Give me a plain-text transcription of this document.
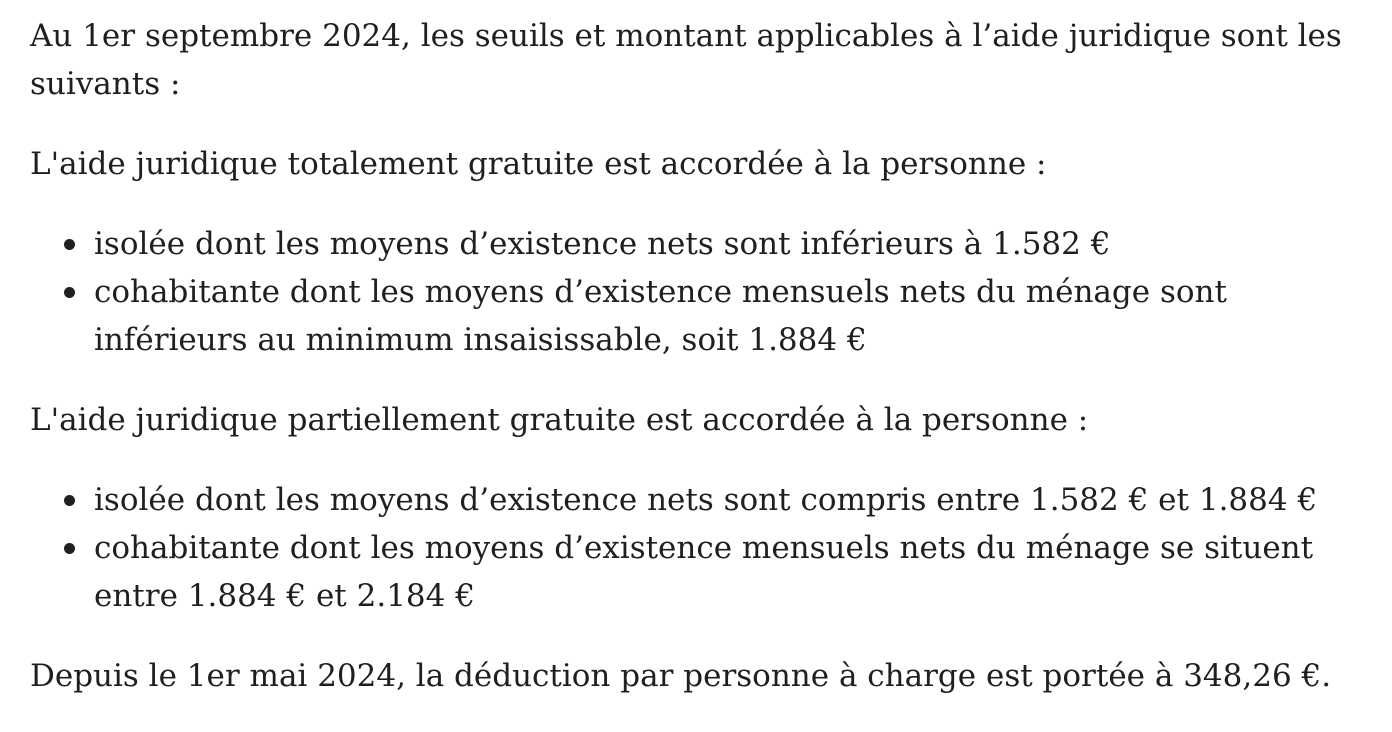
Au 1er septembre 2024, les seuils et montant applicables à l’aide juridique sont les suivants :

L'aide juridique totalement gratuite est accordée à la personne :

isolée dont les moyens d’existence nets sont inférieurs à 1.582 €
cohabitante dont les moyens d’existence mensuels nets du ménage sont inférieurs au minimum insaisissable, soit 1.884 €

L'aide juridique partiellement gratuite est accordée à la personne :

isolée dont les moyens d’existence nets sont compris entre 1.582 € et 1.884 €
cohabitante dont les moyens d’existence mensuels nets du ménage se situent entre 1.884 € et 2.184 €

Depuis le 1er mai 2024, la déduction par personne à charge est portée à 348,26 €.
